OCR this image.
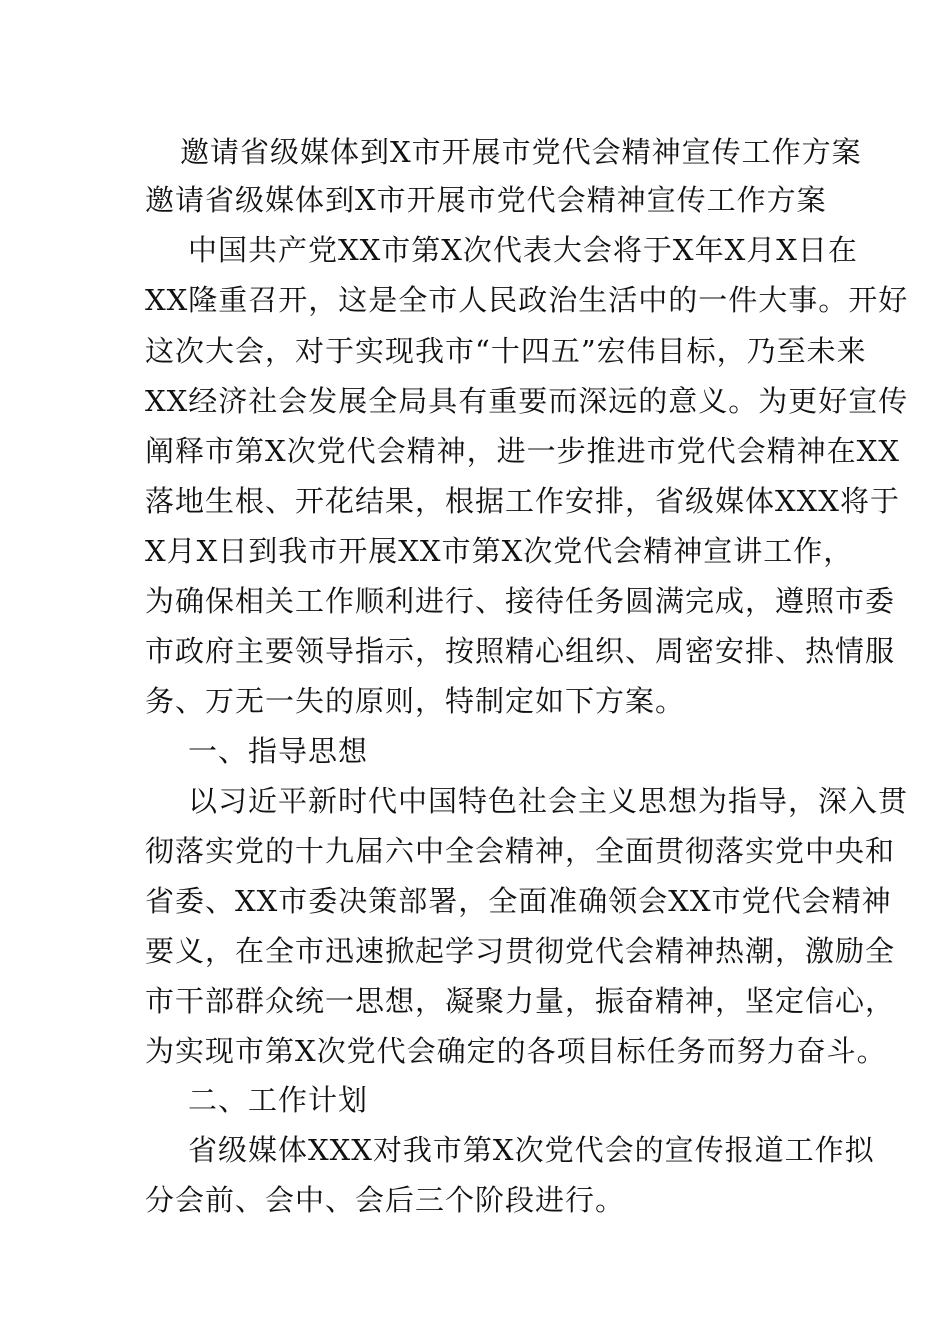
邀请省级媒体到X市开展市党代会精神宣传工作方案
邀请省级媒体到X市开展市党代会精神宣传工作方案
中国共产党XX市第X次代表大会将于X年X月X日在
XX隆重召开，这是全市人民政治生活中的一件大事。开好
这次大会，对于实现我市“十四五”宏伟目标，乃至未来
XX经济社会发展全局具有重要而深远的意义。为更好宣传
阐释市第X次党代会精神，进一步推进市党代会精神在XX
落地生根、开花结果，根据工作安排，省级媒体XXX将于
X月X日到我市开展XX市第X次党代会精神宣讲工作，
为确保相关工作顺利进行、接待任务圆满完成，遵照市委
市政府主要领导指示，按照精心组织、周密安排、热情服
务、万无一失的原则，特制定如下方案。
一、指导思想
以习近平新时代中国特色社会主义思想为指导，深入贯
彻落实党的十九届六中全会精神，全面贯彻落实党中央和
省委、XX市委决策部署，全面准确领会XX市党代会精神
要义，在全市迅速掀起学习贯彻党代会精神热潮，激励全
市干部群众统一思想，凝聚力量，振奋精神，坚定信心，
为实现市第X次党代会确定的各项目标任务而努力奋斗。
二、工作计划
省级媒体XXX对我市第X次党代会的宣传报道工作拟
分会前、会中、会后三个阶段进行。
